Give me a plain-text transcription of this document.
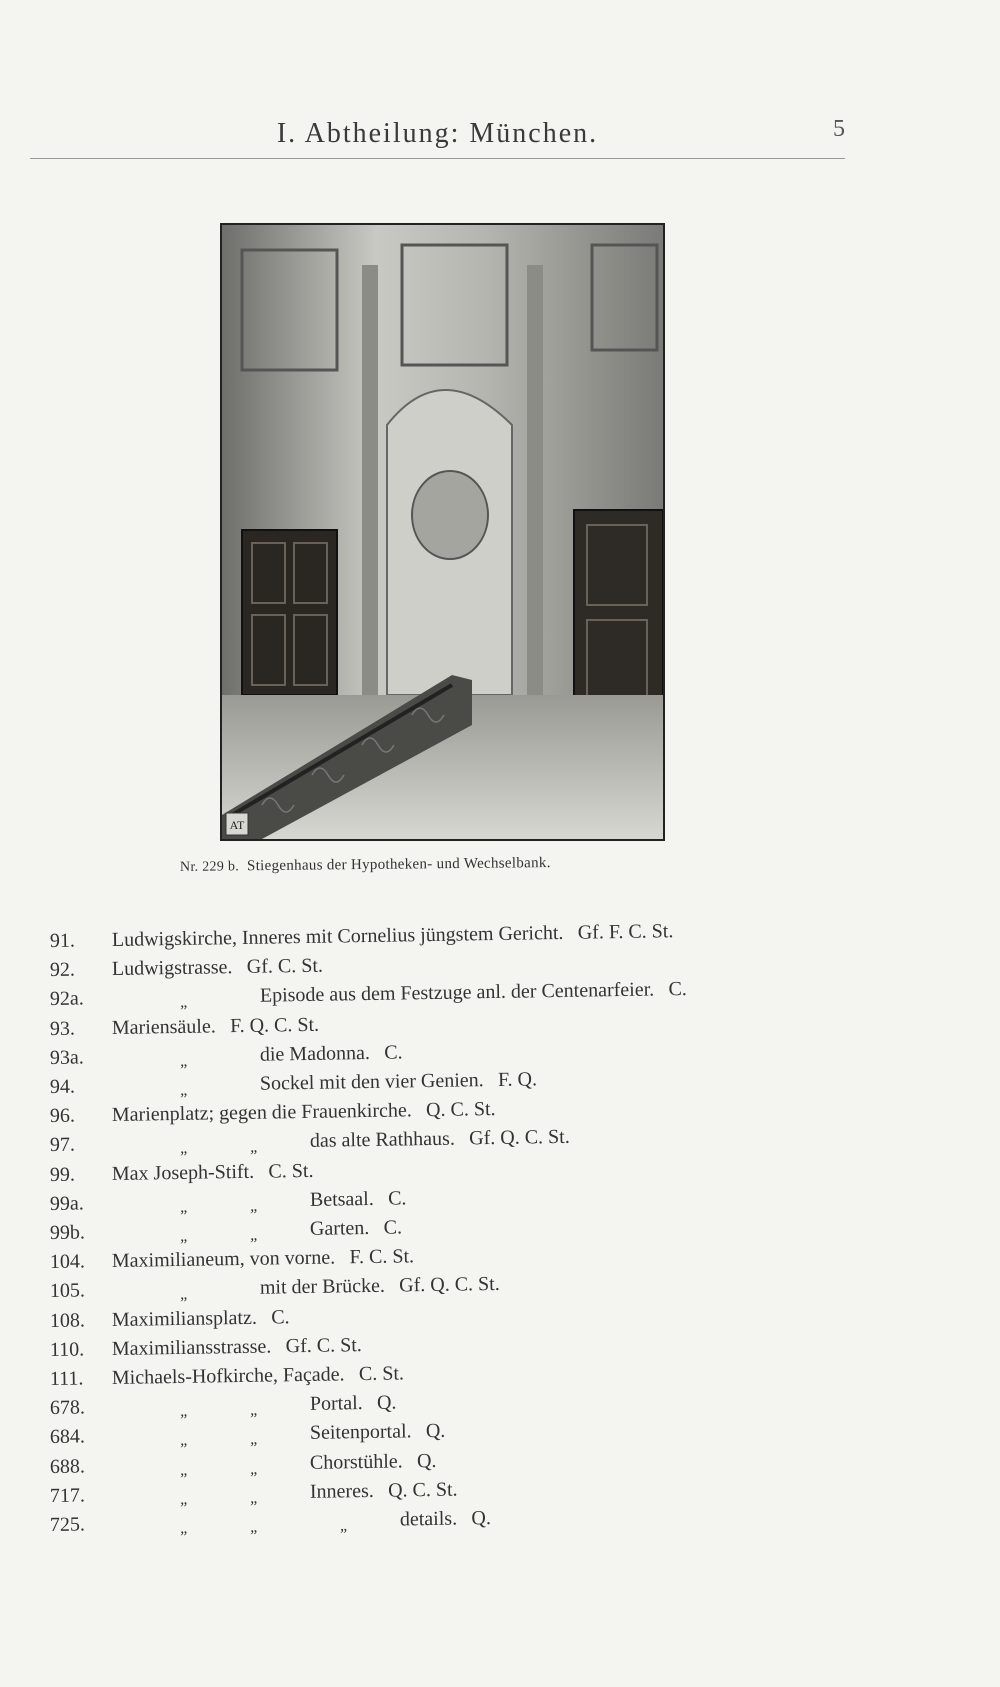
I. Abtheilung: München.	5
AT
Nr. 229 b. Stiegenhaus der Hypotheken- und Wechselbank.
91. Ludwigskirche, Inneres mit Cornelius jüngstem Gericht. Gf. F. C. St.
92. Ludwigstrasse. Gf. C. St.
92a.	„	Episode aus dem Festzuge anl. der Centenarfeier. C.
93. Mariensäule. F. Q. C. St.
93a.	„	die Madonna. C.
94.	„	Sockel mit den vier Genien. F. Q.
96. Marienplatz; gegen die Frauenkirche. Q. C. St.
97.	„	„	das alte Rathhaus. Gf. Q. C. St.
99. Max Joseph-Stift. C. St.
99a.	„	„	Betsaal. C.
99b.	„	„	Garten. C.
104. Maximilianeum, von vorne. F. C. St.
105.	„	mit der Brücke. Gf. Q. C. St.
108. Maximiliansplatz. C.
110. Maximiliansstrasse. Gf. C. St.
111. Michaels-Hofkirche, Façade. C. St.
678.	„	„	Portal. Q.
684.	„	„	Seitenportal. Q.
688.	„	„	Chorstühle. Q.
717.	„	„	Inneres. Q. C. St.
725.	„	„	„	details. Q.
